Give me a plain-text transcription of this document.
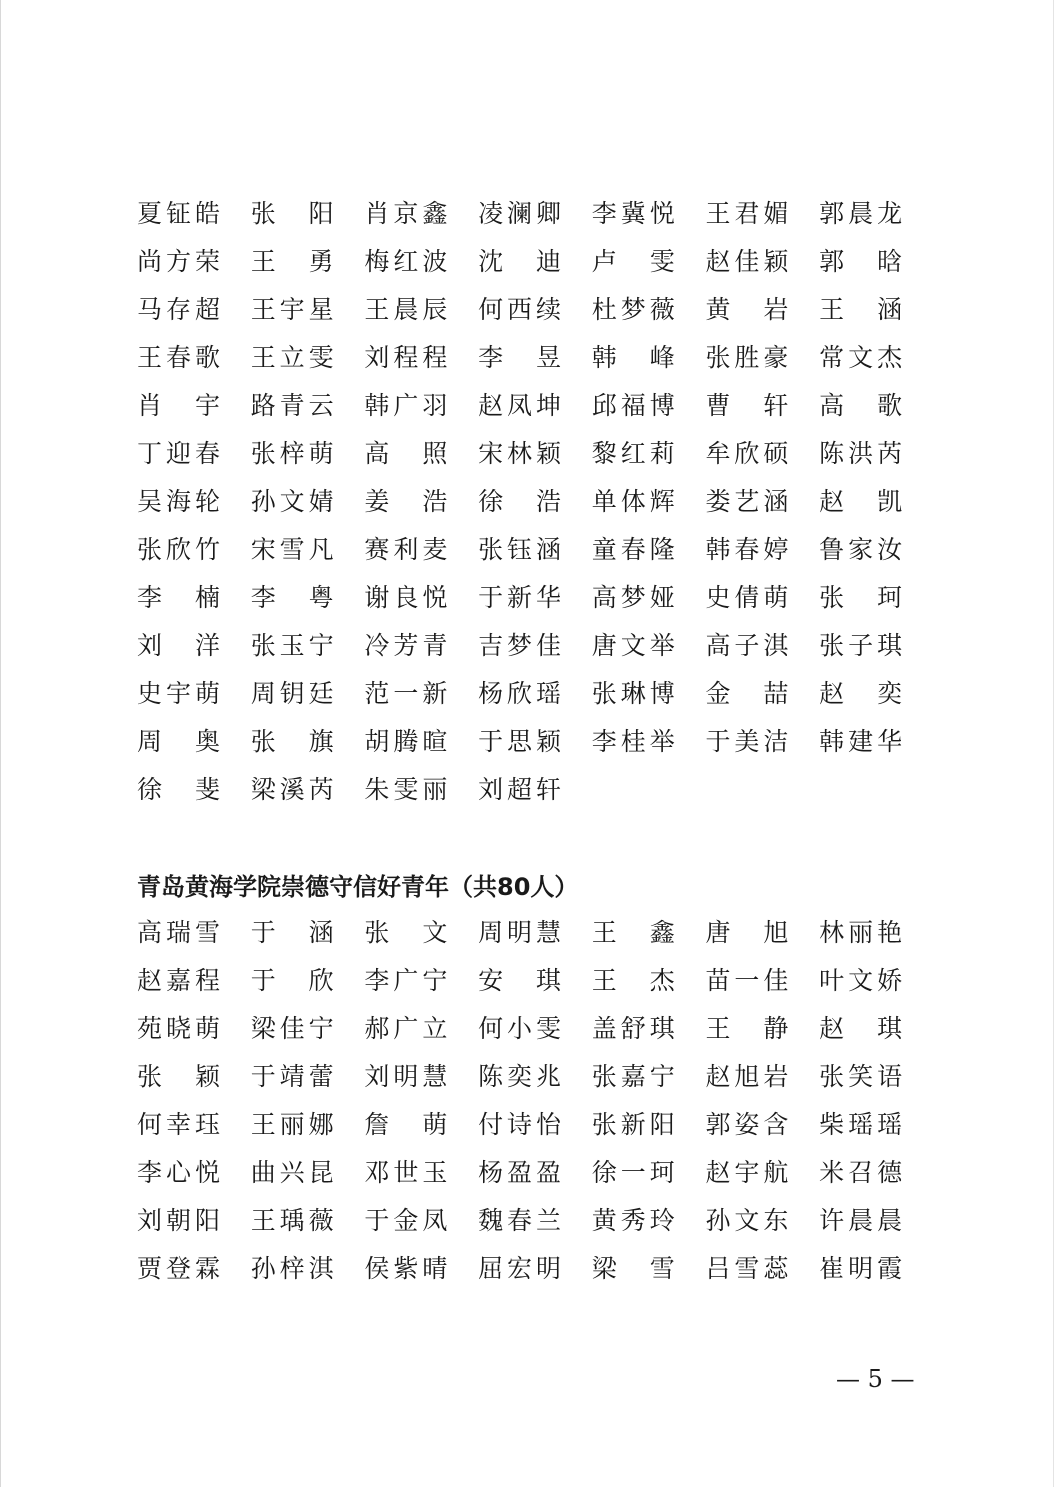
夏钲皓 张 阳 肖京鑫 凌澜卿 李冀悦 王君媚 郭晨龙
尚方荣 王 勇 梅红波 沈 迪 卢 雯 赵佳颖 郭 晗
马存超 王宇星 王晨辰 何西续 杜梦薇 黄 岩 王 涵
王春歌 王立雯 刘程程 李 昱 韩 峰 张胜豪 常文杰
肖 宇 路青云 韩广羽 赵凤坤 邱福博 曹 轩 高 歌
丁迎春 张梓萌 高 照 宋林颖 黎红莉 牟欣硕 陈洪芮
吴海轮 孙文婧 姜 浩 徐 浩 单体辉 娄艺涵 赵 凯
张欣竹 宋雪凡 赛利麦 张钰涵 童春隆 韩春婷 鲁家汝
李 楠 李 粤 谢良悦 于新华 高梦娅 史倩萌 张 珂
刘 洋 张玉宁 冷芳青 吉梦佳 唐文举 高子淇 张子琪
史宇萌 周钥廷 范一新 杨欣瑶 张琳博 金 喆 赵 奕
周 奥 张 旗 胡腾暄 于思颖 李桂举 于美洁 韩建华
徐 斐 梁溪芮 朱雯丽 刘超轩
青岛黄海学院崇德守信好青年（共80人）
高瑞雪 于 涵 张 文 周明慧 王 鑫 唐 旭 林丽艳
赵嘉程 于 欣 李广宁 安 琪 王 杰 苗一佳 叶文娇
苑晓萌 梁佳宁 郝广立 何小雯 盖舒琪 王 静 赵 琪
张 颖 于靖蕾 刘明慧 陈奕兆 张嘉宁 赵旭岩 张笑语
何幸珏 王丽娜 詹 萌 付诗怡 张新阳 郭姿含 柴瑶瑶
李心悦 曲兴昆 邓世玉 杨盈盈 徐一珂 赵宇航 米召德
刘朝阳 王瑀薇 于金凤 魏春兰 黄秀玲 孙文东 许晨晨
贾登霖 孙梓淇 侯紫晴 屈宏明 梁 雪 吕雪蕊 崔明霞
— 5 —
